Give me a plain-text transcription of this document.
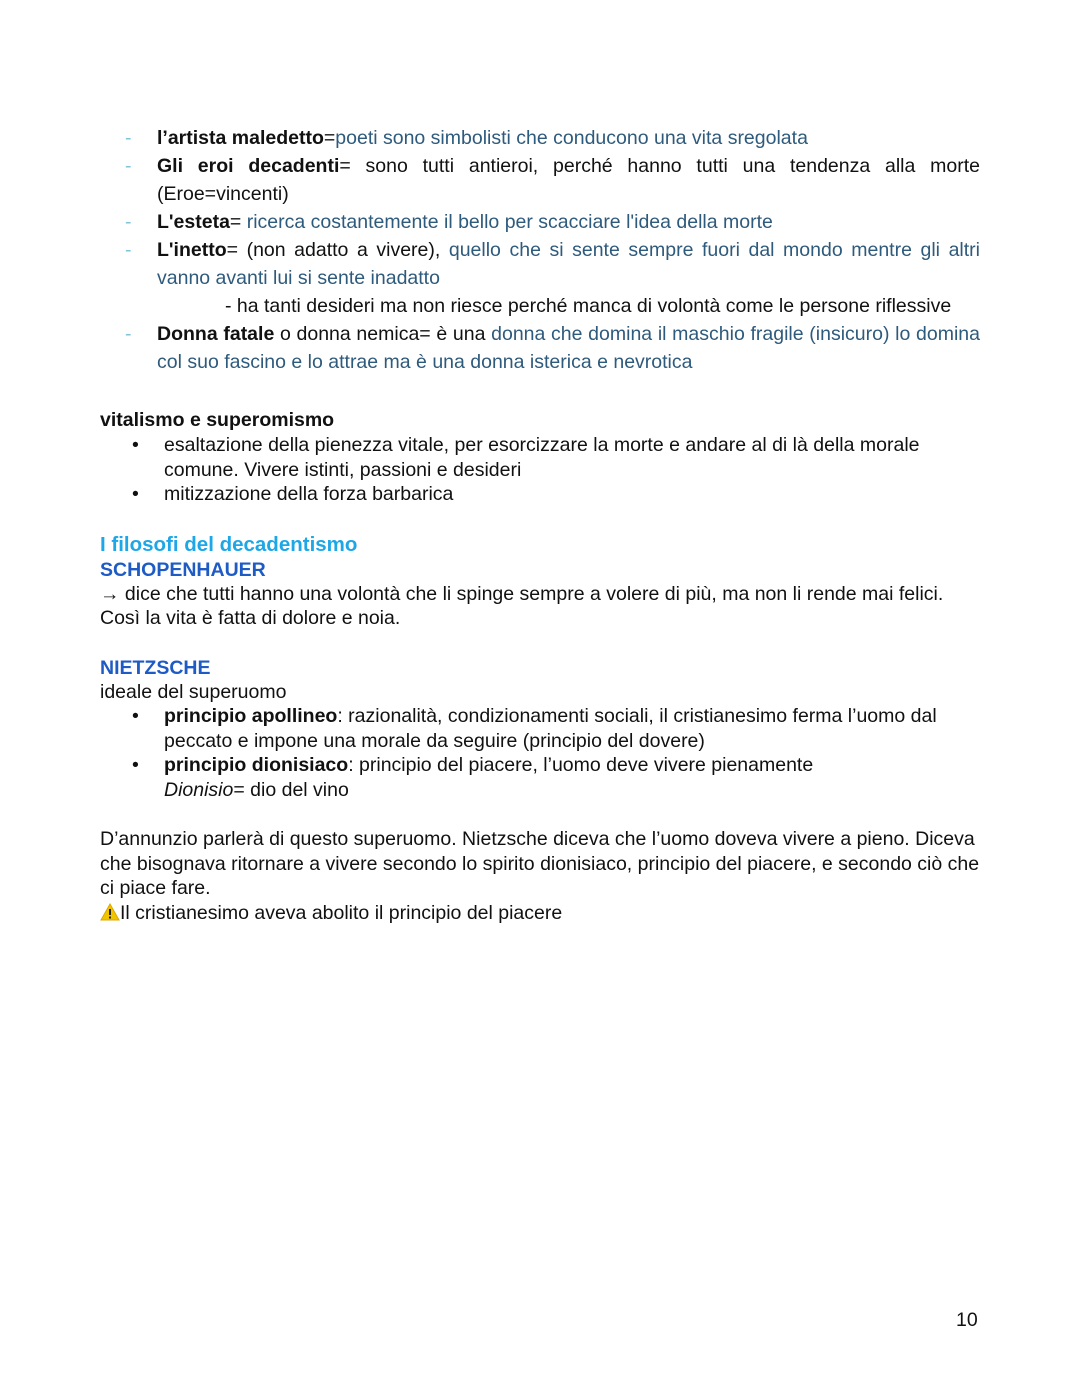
- l’artista maledetto=poeti sono simbolisti che conducono una vita sregolata
- Gli eroi decadenti= sono tutti antieroi, perché hanno tutti una tendenza alla morte (Eroe=vincenti)
- L'esteta= ricerca costantemente il bello per scacciare l'idea della morte
- L'inetto= (non adatto a vivere), quello che si sente sempre fuori dal mondo mentre gli altri vanno avanti lui si sente inadatto
- ha tanti desideri ma non riesce perché manca di volontà come le persone riflessive
- Donna fatale o donna nemica= è una donna che domina il maschio fragile (insicuro) lo domina col suo fascino e lo attrae ma è una donna isterica e nevrotica
vitalismo e superomismo
• esaltazione della pienezza vitale, per esorcizzare la morte e andare al di là della morale comune. Vivere istinti, passioni e desideri
• mitizzazione della forza barbarica
I filosofi del decadentismo
SCHOPENHAUER
→ dice che tutti hanno una volontà che li spinge sempre a volere di più, ma non li rende mai felici. Così la vita è fatta di dolore e noia.
NIETZSCHE
ideale del superuomo
• principio apollineo: razionalità, condizionamenti sociali, il cristianesimo ferma l’uomo dal peccato e impone una morale da seguire (principio del dovere)
• principio dionisiaco: principio del piacere, l’uomo deve vivere pienamente
Dionisio= dio del vino
D’annunzio parlerà di questo superuomo. Nietzsche diceva che l’uomo doveva vivere a pieno. Diceva che bisognava ritornare a vivere secondo lo spirito dionisiaco, principio del piacere, e secondo ciò che ci piace fare.
Il cristianesimo aveva abolito il principio del piacere
10
